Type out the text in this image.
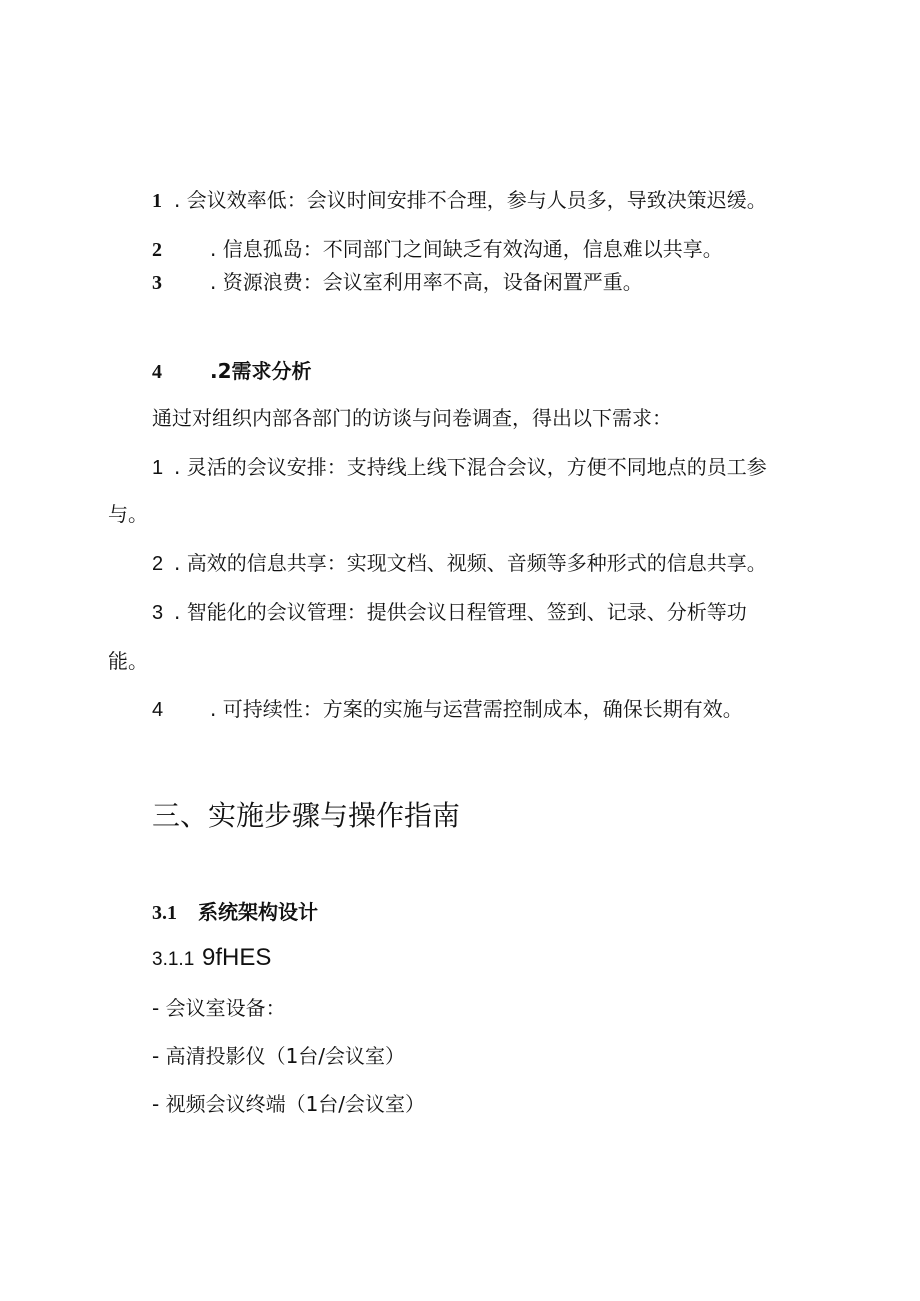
1 . 会议效率低：会议时间安排不合理，参与人员多，导致决策迟缓。
2 . 信息孤岛：不同部门之间缺乏有效沟通，信息难以共享。
3 . 资源浪费：会议室利用率不高，设备闲置严重。
4 .2需求分析
通过对组织内部各部门的访谈与问卷调查，得出以下需求：
1 . 灵活的会议安排：支持线上线下混合会议，方便不同地点的员工参
与。
2 . 高效的信息共享：实现文档、视频、音频等多种形式的信息共享。
3 . 智能化的会议管理：提供会议日程管理、签到、记录、分析等功
能。
4 . 可持续性：方案的实施与运营需控制成本，确保长期有效。
三、实施步骤与操作指南
3.1 系统架构设计
3.1.1 9fHES
- 会议室设备：
- 高清投影仪（1台/会议室）
- 视频会议终端（1台/会议室）
